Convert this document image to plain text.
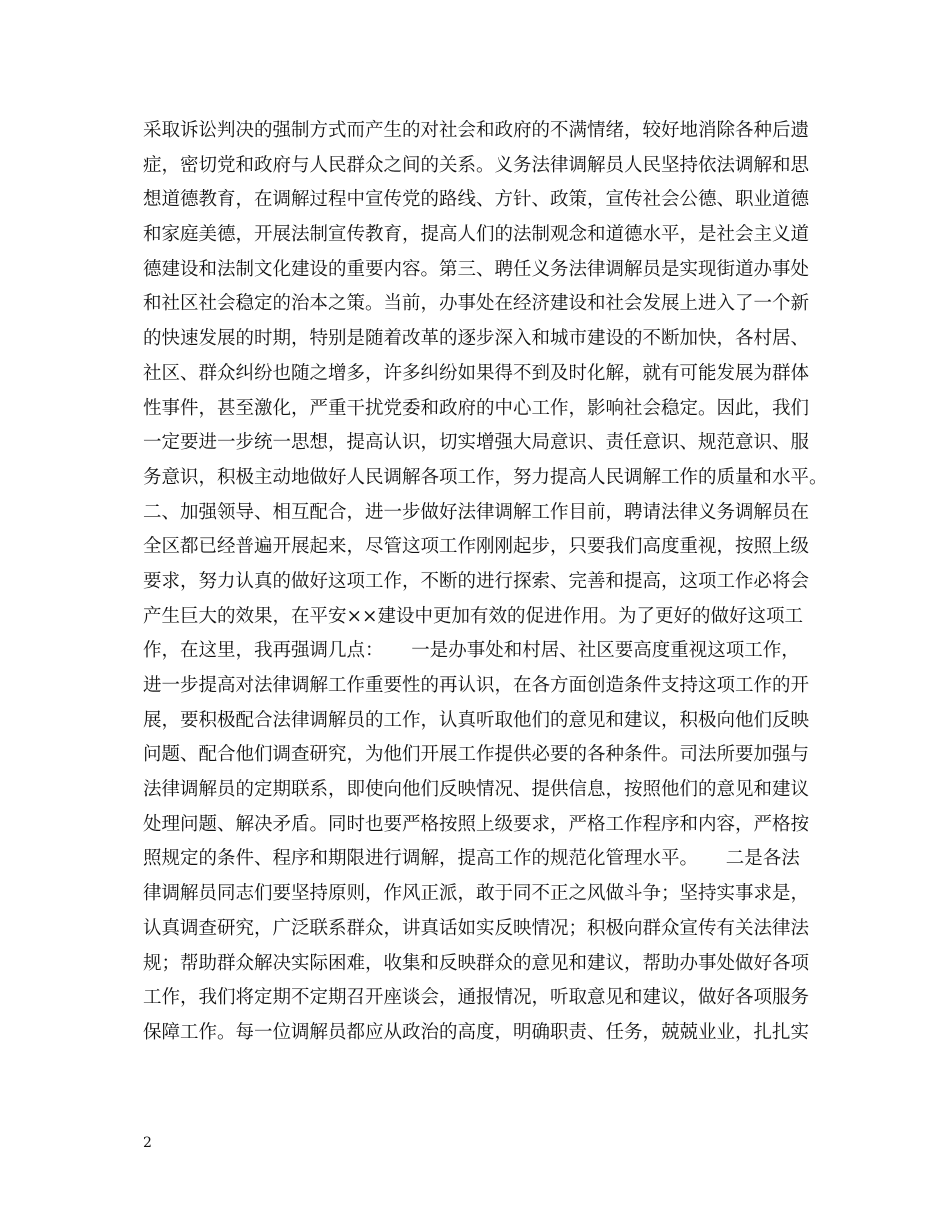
采取诉讼判决的强制方式而产生的对社会和政府的不满情绪，较好地消除各种后遗
症，密切党和政府与人民群众之间的关系。义务法律调解员人民坚持依法调解和思
想道德教育，在调解过程中宣传党的路线、方针、政策，宣传社会公德、职业道德
和家庭美德，开展法制宣传教育，提高人们的法制观念和道德水平，是社会主义道
德建设和法制文化建设的重要内容。第三、聘任义务法律调解员是实现街道办事处
和社区社会稳定的治本之策。当前，办事处在经济建设和社会发展上进入了一个新
的快速发展的时期，特别是随着改革的逐步深入和城市建设的不断加快，各村居、
社区、群众纠纷也随之增多，许多纠纷如果得不到及时化解，就有可能发展为群体
性事件，甚至激化，严重干扰党委和政府的中心工作，影响社会稳定。因此，我们
一定要进一步统一思想，提高认识，切实增强大局意识、责任意识、规范意识、服
务意识，积极主动地做好人民调解各项工作，努力提高人民调解工作的质量和水平。
二、加强领导、相互配合，进一步做好法律调解工作目前，聘请法律义务调解员在
全区都已经普遍开展起来，尽管这项工作刚刚起步，只要我们高度重视，按照上级
要求，努力认真的做好这项工作，不断的进行探索、完善和提高，这项工作必将会
产生巨大的效果，在平安××建设中更加有效的促进作用。为了更好的做好这项工
作，在这里，我再强调几点：　　一是办事处和村居、社区要高度重视这项工作，
进一步提高对法律调解工作重要性的再认识，在各方面创造条件支持这项工作的开
展，要积极配合法律调解员的工作，认真听取他们的意见和建议，积极向他们反映
问题、配合他们调查研究，为他们开展工作提供必要的各种条件。司法所要加强与
法律调解员的定期联系，即使向他们反映情况、提供信息，按照他们的意见和建议
处理问题、解决矛盾。同时也要严格按照上级要求，严格工作程序和内容，严格按
照规定的条件、程序和期限进行调解，提高工作的规范化管理水平。　　二是各法
律调解员同志们要坚持原则，作风正派，敢于同不正之风做斗争；坚持实事求是，
认真调查研究，广泛联系群众，讲真话如实反映情况；积极向群众宣传有关法律法
规；帮助群众解决实际困难，收集和反映群众的意见和建议，帮助办事处做好各项
工作，我们将定期不定期召开座谈会，通报情况，听取意见和建议，做好各项服务
保障工作。每一位调解员都应从政治的高度，明确职责、任务，兢兢业业，扎扎实
2
